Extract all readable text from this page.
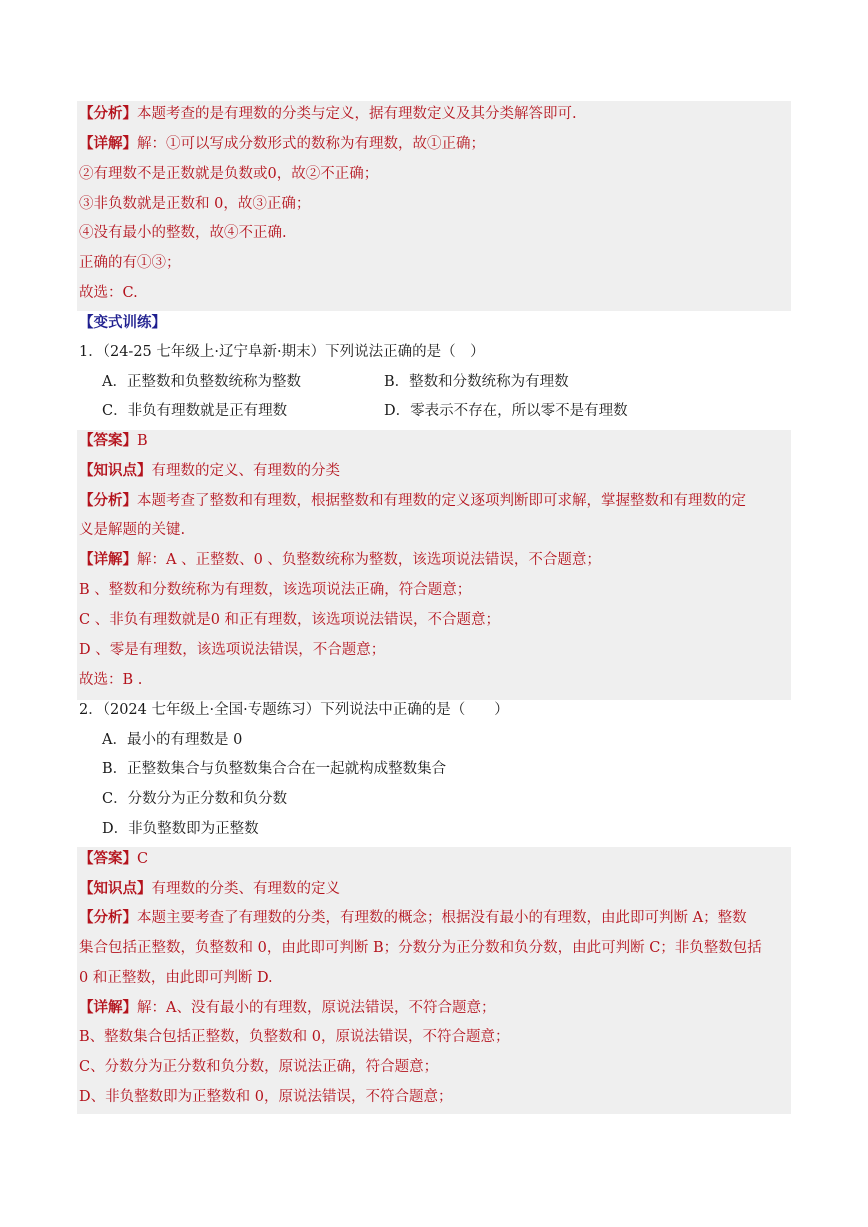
【分析】本题考查的是有理数的分类与定义，据有理数定义及其分类解答即可.
【详解】解：①可以写成分数形式的数称为有理数，故①正确；
②有理数不是正数就是负数或0，故②不正确；
③非负数就是正数和 0，故③正确；
④没有最小的整数，故④不正确.
正确的有①③；
故选：C.
【变式训练】
1．（24-25 七年级上·辽宁阜新·期末）下列说法正确的是（　）
A．正整数和负整数统称为整数	B．整数和分数统称为有理数
C．非负有理数就是正有理数	D．零表示不存在，所以零不是有理数
【答案】B
【知识点】有理数的定义、有理数的分类
【分析】本题考查了整数和有理数，根据整数和有理数的定义逐项判断即可求解，掌握整数和有理数的定
义是解题的关键.
【详解】解：A 、正整数、0 、负整数统称为整数，该选项说法错误，不合题意；
B 、整数和分数统称为有理数，该选项说法正确，符合题意；
C 、非负有理数就是0 和正有理数，该选项说法错误，不合题意；
D 、零是有理数，该选项说法错误，不合题意；
故选：B .
2．（2024 七年级上·全国·专题练习）下列说法中正确的是（　　）
A．最小的有理数是 0
B．正整数集合与负整数集合合在一起就构成整数集合
C．分数分为正分数和负分数
D．非负整数即为正整数
【答案】C
【知识点】有理数的分类、有理数的定义
【分析】本题主要考查了有理数的分类，有理数的概念；根据没有最小的有理数，由此即可判断 A；整数
集合包括正整数，负整数和 0，由此即可判断 B；分数分为正分数和负分数，由此可判断 C；非负整数包括
0 和正整数，由此即可判断 D.
【详解】解：A、没有最小的有理数，原说法错误，不符合题意；
B、整数集合包括正整数，负整数和 0，原说法错误，不符合题意；
C、分数分为正分数和负分数，原说法正确，符合题意；
D、非负整数即为正整数和 0，原说法错误，不符合题意；
